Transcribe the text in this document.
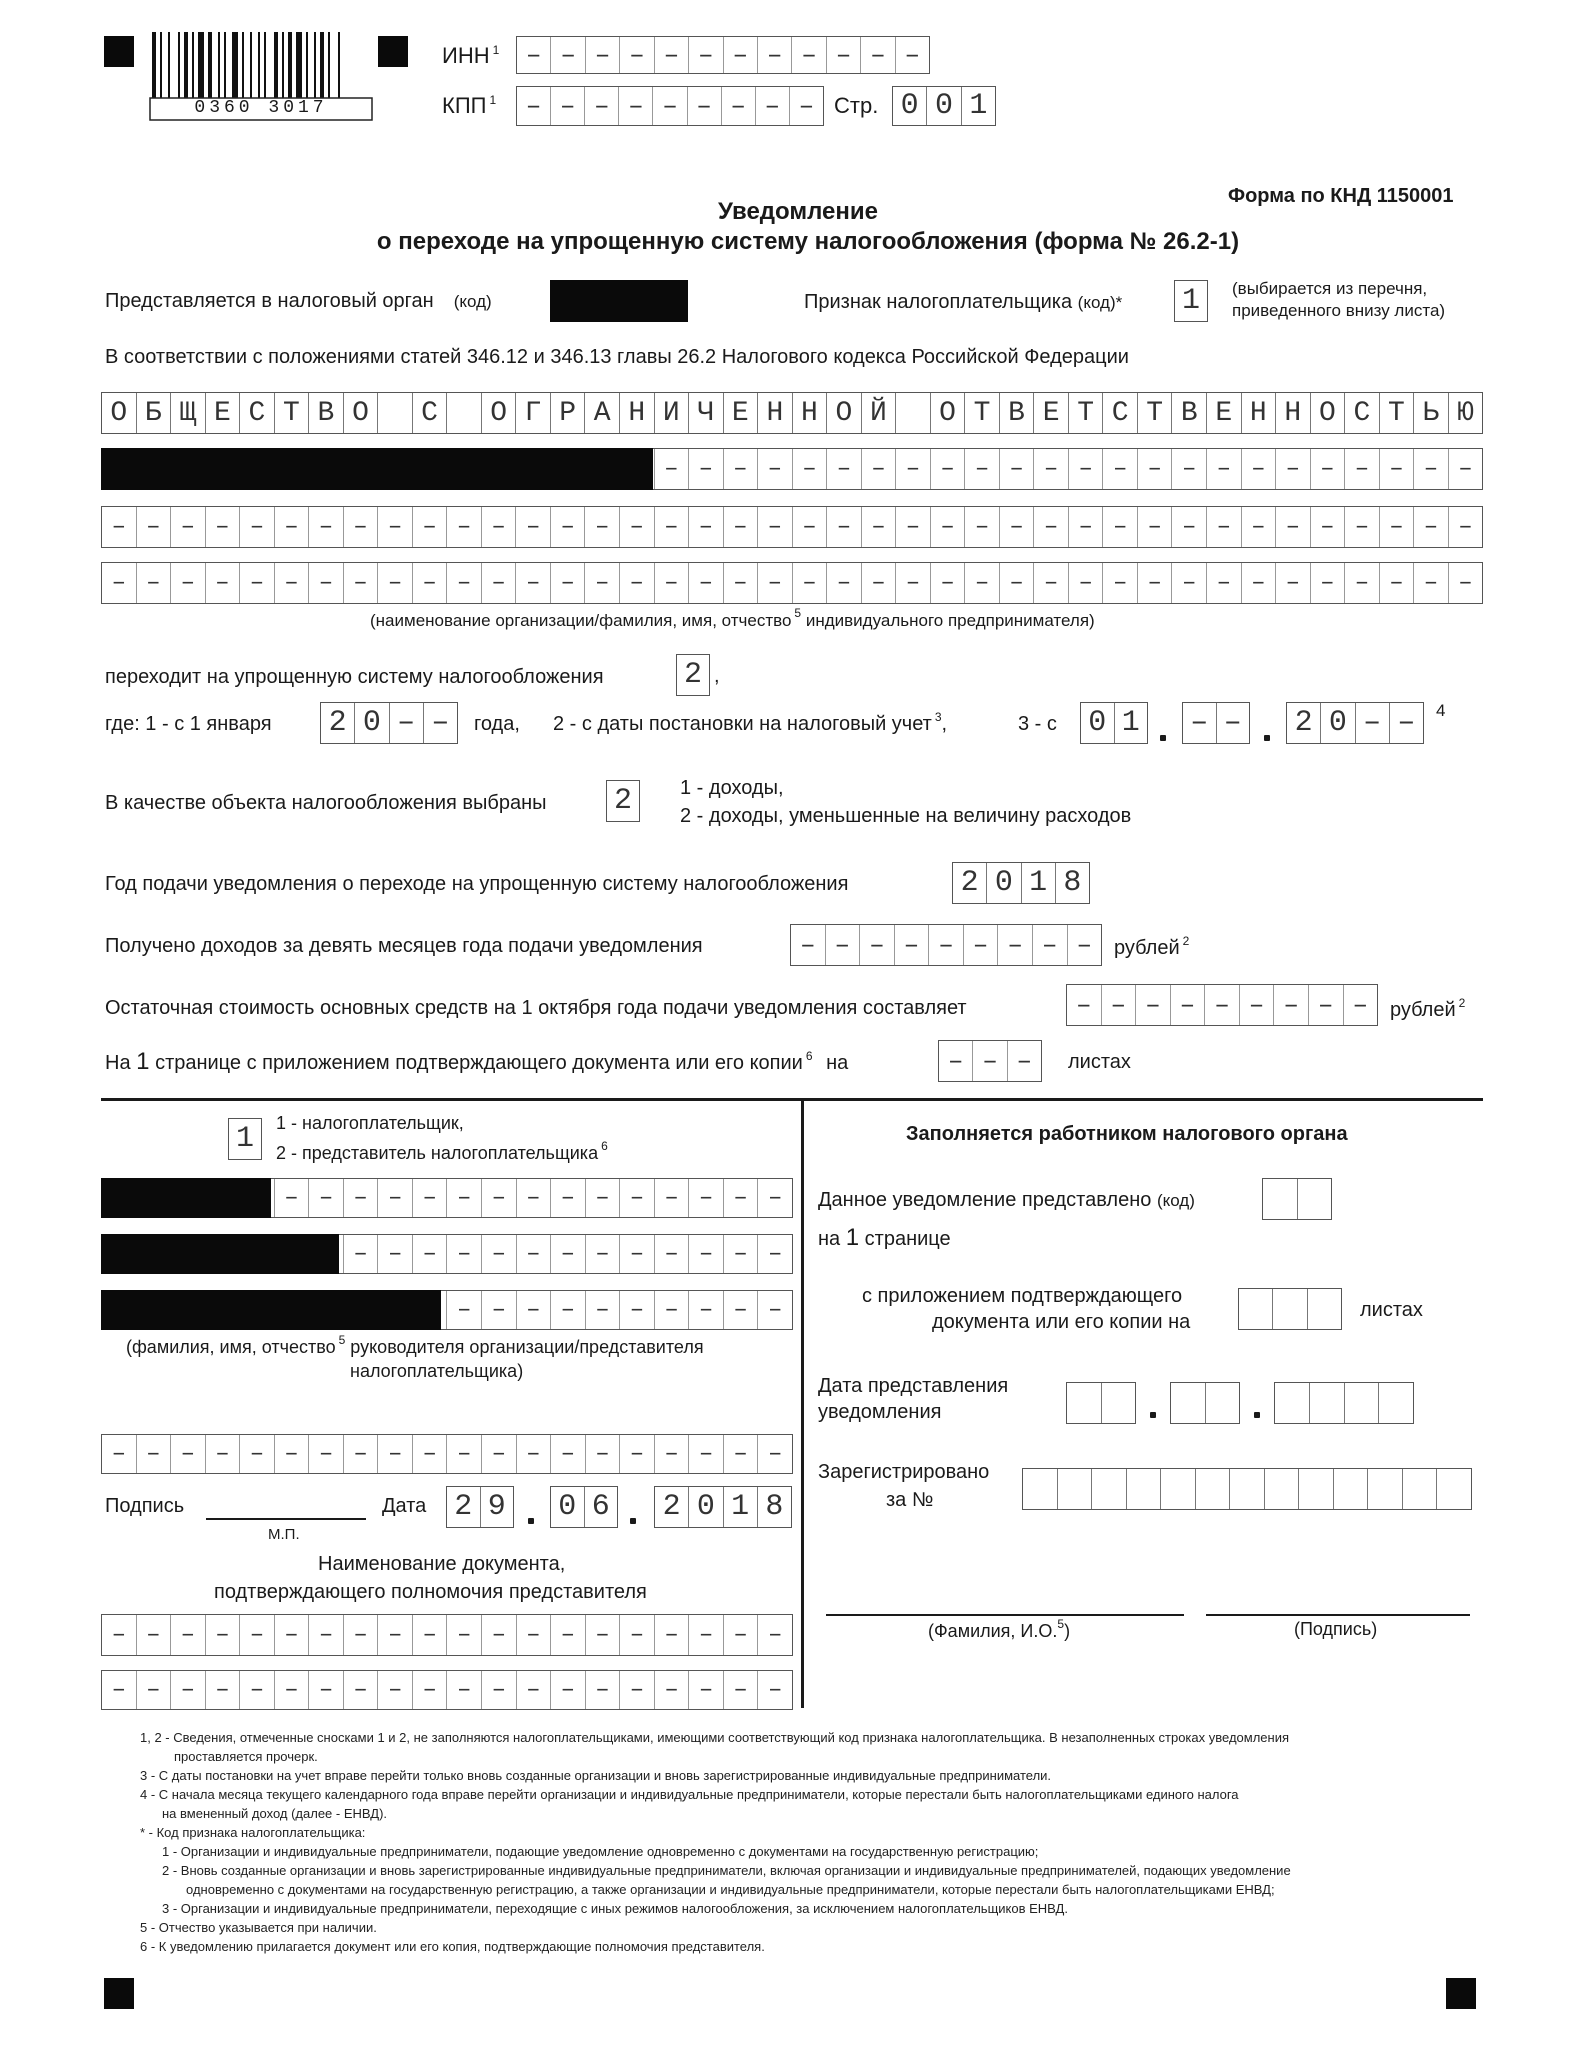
0360 3017
ИНН $^1$	– – – – – – – – – – – –
КПП $^1$	– – – – – – – – – Стр. 0 0 1
Форма по КНД 1150001
Уведомление
о переходе на упрощенную систему налогообложения (форма № 26.2-1)
Представляется в налоговый орган (код)	Признак налогоплательщика (код)* 1	(выбирается из перечня,
приведенного внизу листа)
В соответствии с положениями статей 346.12 и 346.13 главы 26.2 Налогового кодекса Российской Федерации
О Б Щ Е С Т В О	С	О Г Р А Н И Ч Е Н Н О Й	О Т В Е Т С Т В Е Н Н О С Т Ь Ю
– – – – – – – – – – – – – – – – – – – – – – – –
– – – – – – – – – – – – – – – – – – – – – – – – – – – – – – – – – – – – – – – –
– – – – – – – – – – – – – – – – – – – – – – – – – – – – – – – – – – – – – – – –
(наименование организации/фамилия, имя, отчество $^5$ индивидуального предпринимателя)
переходит на упрощенную систему налогообложения	2 ,
где: 1 - с 1 января 2 0 – –	года, 2 - с даты постановки на налоговый учет $^3$,	3 - с 0 1 – – 2 0 – –	4
В качестве объекта налогообложения выбраны 2	1 - доходы,
2 - доходы, уменьшенные на величину расходов
Год подачи уведомления о переходе на упрощенную систему налогообложения	2 0 1 8
Получено доходов за девять месяцев года подачи уведомления	– – – – – – – – –	рублей $^2$
Остаточная стоимость основных средств на 1 октября года подачи уведомления составляет	– – – – – – – – –	рублей $^2$
На 1 странице с приложением подтверждающего документа или его копии $^6$ на	– – –	листах
1	1 - налогоплательщик,
2 - представитель налогоплательщика $^6$
– – – – – – – – – – – – – – –
– – – – – – – – – – – – –
– – – – – – – – – –
(фамилия, имя, отчество $^5$ руководителя организации/представителя
налогоплательщика)
– – – – – – – – – – – – – – – – – – – –
Подпись
М.П.
Дата 2 9 0 6 2 0 1 8
Наименование документа,
подтверждающего полномочия представителя
– – – – – – – – – – – – – – – – – – – –
– – – – – – – – – – – – – – – – – – – –
Заполняется работником налогового органа
Данное уведомление представлено (код)
на 1 странице
с приложением подтверждающего
документа или его копии на
листах
Дата представления
уведомления
Зарегистрировано
за №
(Фамилия, И.О.$^5$)	(Подпись)
1, 2 - Сведения, отмеченные сносками 1 и 2, не заполняются налогоплательщиками, имеющими соответствующий код признака налогоплательщика. В незаполненных строках уведомления
проставляется прочерк.
3 - С даты постановки на учет вправе перейти только вновь созданные организации и вновь зарегистрированные индивидуальные предприниматели.
4 - С начала месяца текущего календарного года вправе перейти организации и индивидуальные предприниматели, которые перестали быть налогоплательщиками единого налога
на вмененный доход (далее - ЕНВД).
* - Код признака налогоплательщика:
1 - Организации и индивидуальные предприниматели, подающие уведомление одновременно с документами на государственную регистрацию;
2 - Вновь созданные организации и вновь зарегистрированные индивидуальные предприниматели, включая организации и индивидуальные предпринимателей, подающих уведомление
одновременно с документами на государственную регистрацию, а также организации и индивидуальные предприниматели, которые перестали быть налогоплательщиками ЕНВД;
3 - Организации и индивидуальные предприниматели, переходящие с иных режимов налогообложения, за исключением налогоплательщиков ЕНВД.
5 - Отчество указывается при наличии.
6 - К уведомлению прилагается документ или его копия, подтверждающие полномочия представителя.
